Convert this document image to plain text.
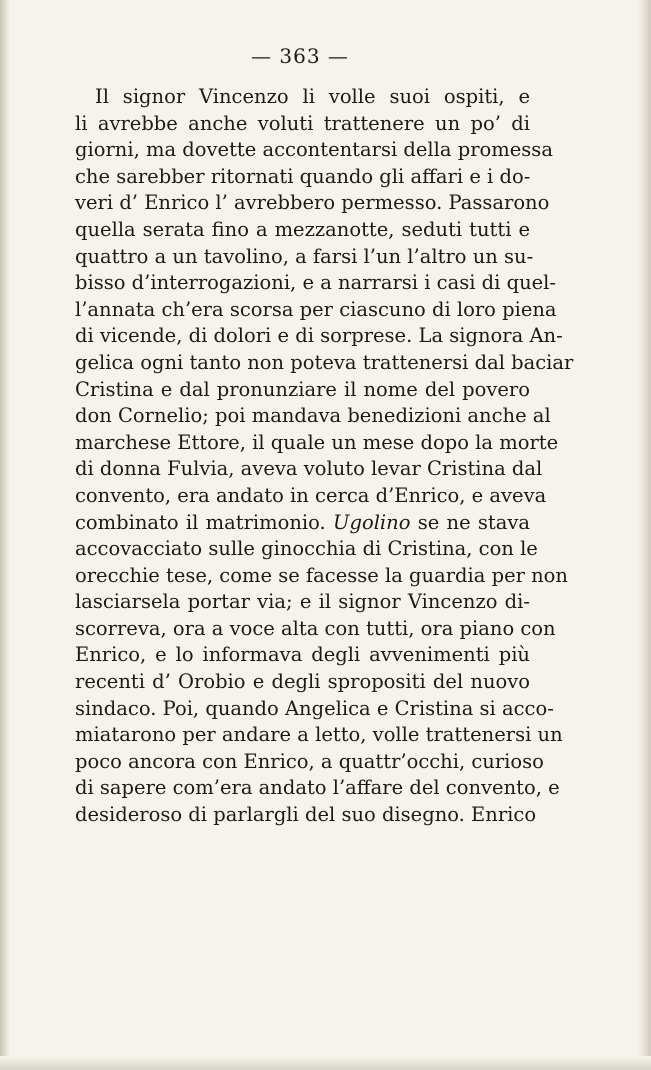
— 363 —
Il signor Vincenzo li volle suoi ospiti, e
li avrebbe anche voluti trattenere un po’ di
giorni, ma dovette accontentarsi della promessa
che sarebber ritornati quando gli affari e i do-
veri d’ Enrico l’ avrebbero permesso. Passarono
quella serata fino a mezzanotte, seduti tutti e
quattro a un tavolino, a farsi l’un l’altro un su-
bisso d’interrogazioni, e a narrarsi i casi di quel-
l’annata ch’era scorsa per ciascuno di loro piena
di vicende, di dolori e di sorprese. La signora An-
gelica ogni tanto non poteva trattenersi dal baciar
Cristina e dal pronunziare il nome del povero
don Cornelio; poi mandava benedizioni anche al
marchese Ettore, il quale un mese dopo la morte
di donna Fulvia, aveva voluto levar Cristina dal
convento, era andato in cerca d’Enrico, e aveva
combinato il matrimonio. Ugolino se ne stava
accovacciato sulle ginocchia di Cristina, con le
orecchie tese, come se facesse la guardia per non
lasciarsela portar via; e il signor Vincenzo di-
scorreva, ora a voce alta con tutti, ora piano con
Enrico, e lo informava degli avvenimenti più
recenti d’ Orobio e degli spropositi del nuovo
sindaco. Poi, quando Angelica e Cristina si acco-
miatarono per andare a letto, volle trattenersi un
poco ancora con Enrico, a quattr’occhi, curioso
di sapere com’era andato l’affare del convento, e
desideroso di parlargli del suo disegno. Enrico
